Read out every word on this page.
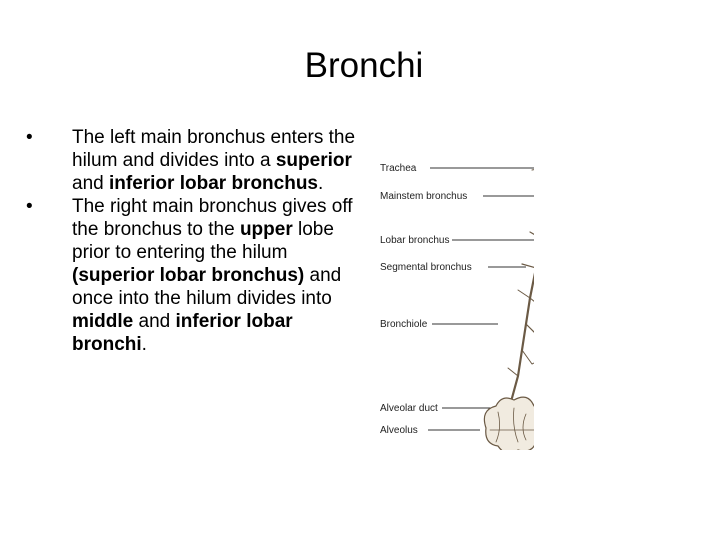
Bronchi
•	The left main bronchus enters the hilum and divides into a superior and inferior lobar bronchus.
•	The right main bronchus gives off the bronchus to the upper lobe prior to entering the hilum (superior lobar bronchus) and once into the hilum divides into middle and inferior lobar bronchi.
Trachea
Mainstem bronchus
Lobar bronchus
Segmental bronchus
Bronchiole
Alveolar duct
Alveolus
